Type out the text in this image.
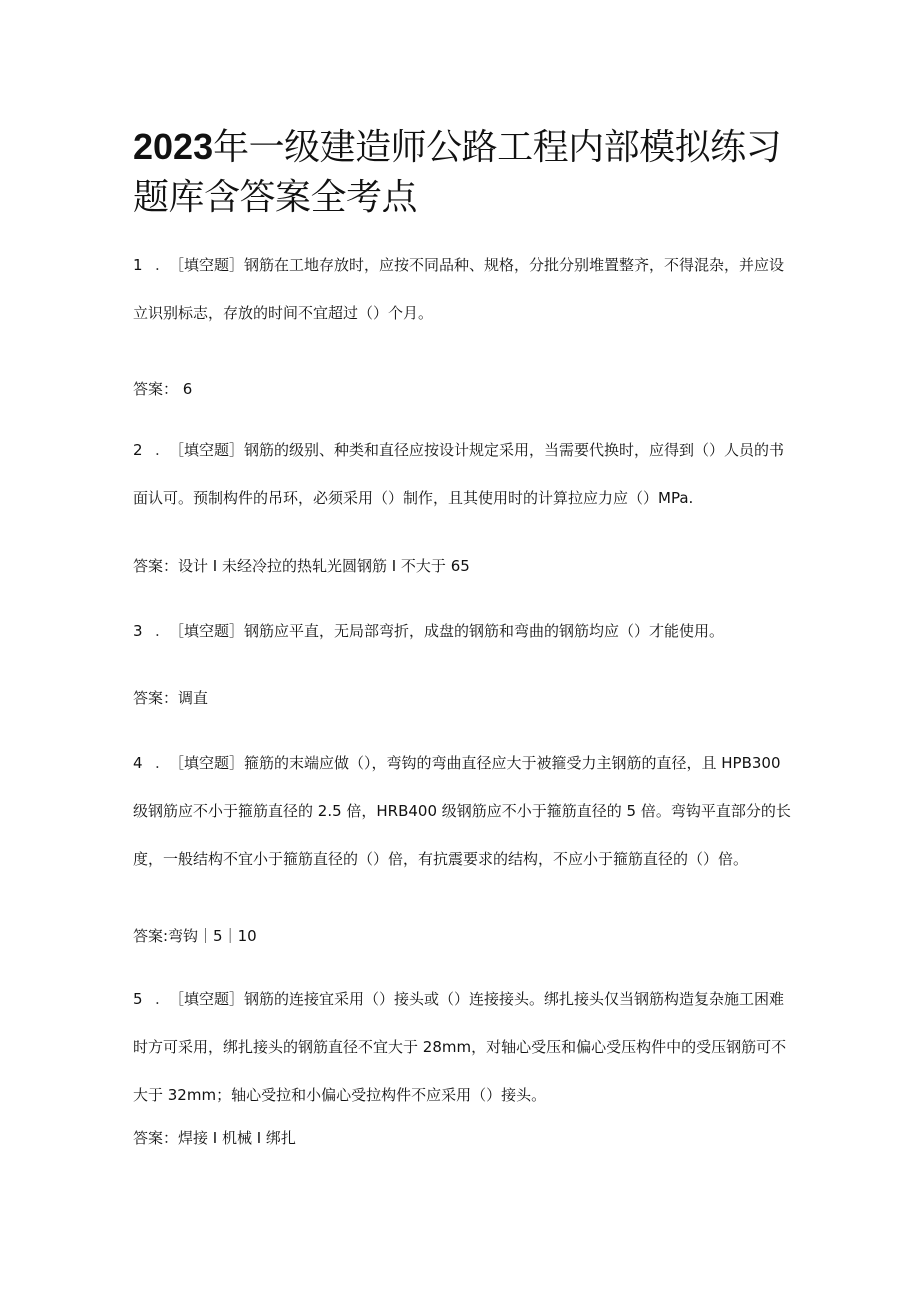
2023年一级建造师公路工程内部模拟练习题库含答案全考点

1 . ［填空题］钢筋在工地存放时，应按不同品种、规格，分批分别堆置整齐，不得混杂，并应设立识别标志，存放的时间不宜超过（）个月。

答案： 6

2 . ［填空题］钢筋的级别、种类和直径应按设计规定采用，当需要代换时，应得到（）人员的书面认可。预制构件的吊环，必须采用（）制作，且其使用时的计算拉应力应（）MPa.

答案：设计 I 未经冷拉的热轧光圆钢筋 I 不大于 65

3 . ［填空题］钢筋应平直，无局部弯折，成盘的钢筋和弯曲的钢筋均应（）才能使用。

答案：调直

4 . ［填空题］箍筋的末端应做（），弯钩的弯曲直径应大于被箍受力主钢筋的直径，且 HPB300 级钢筋应不小于箍筋直径的 2.5 倍，HRB400 级钢筋应不小于箍筋直径的 5 倍。弯钩平直部分的长度，一般结构不宜小于箍筋直径的（）倍，有抗震要求的结构，不应小于箍筋直径的（）倍。

答案:弯钩｜5｜10

5 . ［填空题］钢筋的连接宜采用（）接头或（）连接接头。绑扎接头仅当钢筋构造复杂施工困难时方可采用，绑扎接头的钢筋直径不宜大于 28mm，对轴心受压和偏心受压构件中的受压钢筋可不大于 32mm；轴心受拉和小偏心受拉构件不应采用（）接头。

答案：焊接 I 机械 I 绑扎
